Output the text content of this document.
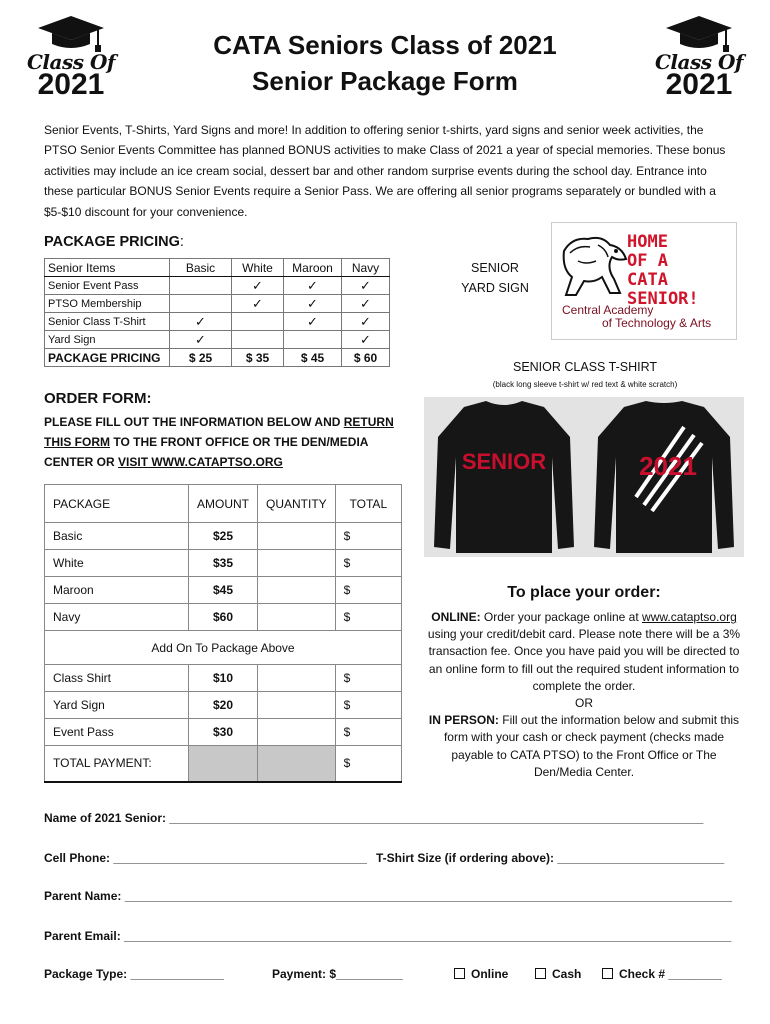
Class Of
2021
CATA Seniors Class of 2021
Senior Package Form
Class Of
2021
Senior Events, T-Shirts, Yard Signs and more! In addition to offering senior t-shirts, yard signs and senior week activities, the PTSO Senior Events Committee has planned BONUS activities to make Class of 2021 a year of special memories. These bonus activities may include an ice cream social, dessert bar and other random surprise events during the school day. Entrance into these particular BONUS Senior Events require a Senior Pass. We are offering all senior programs separately or bundled with a $5-$10 discount for your convenience.
PACKAGE PRICING:
Senior Items	Basic	White	Maroon	Navy
Senior Event Pass		✓	✓	✓
PTSO Membership		✓	✓	✓
Senior Class T-Shirt	✓		✓	✓
Yard Sign	✓			✓
PACKAGE PRICING	$ 25	$ 35	$ 45	$ 60
SENIOR
YARD SIGN
HOME
OF A
CATA
SENIOR!
Central Academy
of Technology & Arts
SENIOR CLASS T-SHIRT
(black long sleeve t-shirt w/ red text & white scratch)
SENIOR	2021
ORDER FORM:
PLEASE FILL OUT THE INFORMATION BELOW AND RETURN
THIS FORM TO THE FRONT OFFICE OR THE DEN/MEDIA CENTER OR VISIT WWW.CATAPTSO.ORG
PACKAGE	AMOUNT	QUANTITY	TOTAL
Basic	$25		$
White	$35		$
Maroon	$45		$
Navy	$60		$
Add On To Package Above			
Class Shirt	$10		$
Yard Sign	$20		$
Event Pass	$30		$
TOTAL PAYMENT:			$
To place your order:
ONLINE: Order your package online at www.cataptso.org using your credit/debit card. Please note there will be a 3% transaction fee. Once you have paid you will be directed to an online form to fill out the required student information to complete the order.
OR
IN PERSON: Fill out the information below and submit this form with your cash or check payment (checks made payable to CATA PTSO) to the Front Office or The Den/Media Center.
Name of 2021 Senior: ________________________________________________________________________________
Cell Phone: ______________________________________ T-Shirt Size (if ordering above): _________________________
Parent Name: ___________________________________________________________________________________________
Parent Email: ___________________________________________________________________________________________
Package Type: ______________	Payment: $__________	Online	Cash	Check # ________
